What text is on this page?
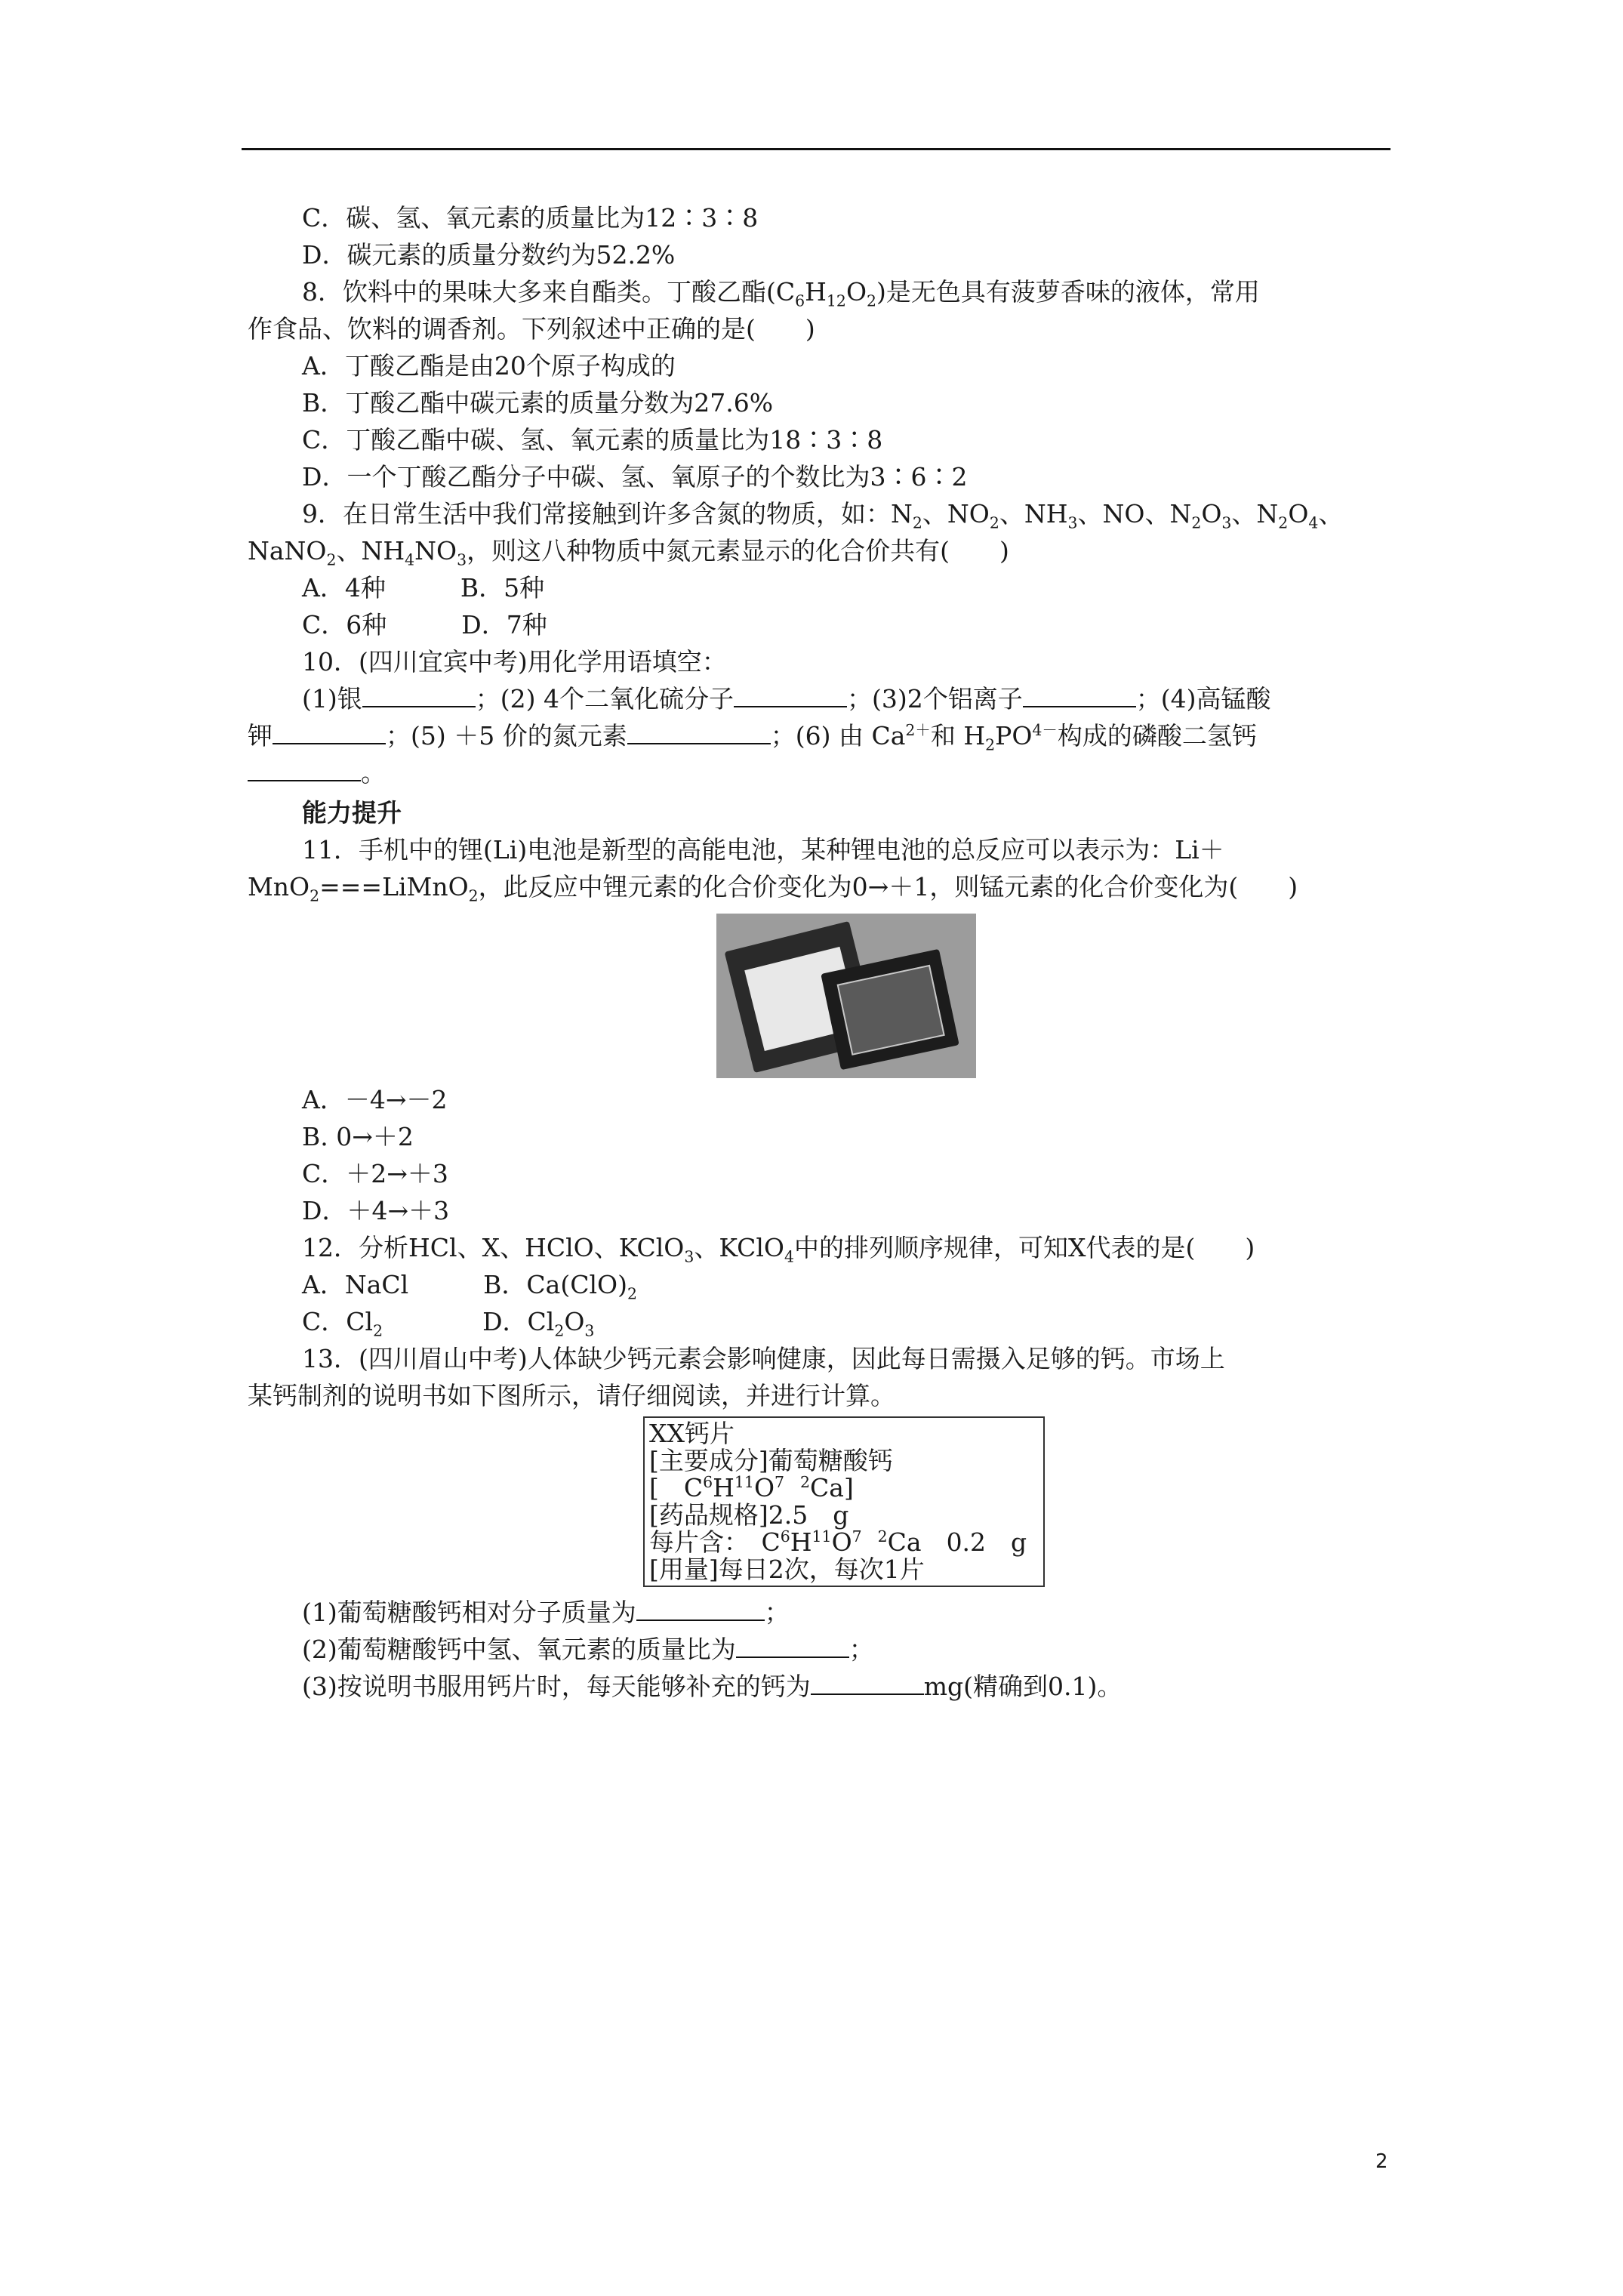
C．碳、氢、氧元素的质量比为12∶3∶8
D．碳元素的质量分数约为52.2%
8．饮料中的果味大多来自酯类。丁酸乙酯$(C_6H_{12}O_2)$是无色具有菠萝香味的液体，常用
作食品、饮料的调香剂。下列叙述中正确的是(　　)
A．丁酸乙酯是由20个原子构成的
B．丁酸乙酯中碳元素的质量分数为27.6%
C．丁酸乙酯中碳、氢、氧元素的质量比为18∶3∶8
D．一个丁酸乙酯分子中碳、氢、氧原子的个数比为3∶6∶2
9．在日常生活中我们常接触到许多含氮的物质，如：$N_2$、$NO_2$、$NH_3$、NO、$N_2O_3$、$N_2O_4$、
NaNO$_2$、$NH_4NO_3$，则这八种物质中氮元素显示的化合价共有(　　)
A．4种　　　B．5种
C．6种　　　D．7种
10．(四川宜宾中考)用化学用语填空：
(1)银	；(2) 4个二氧化硫分子	；(3)2个铝离子	；(4)高锰酸
钾	；(5) ＋5 价的氮元素	；(6) 由 $Ca^{2+}$和 $H_2PO^{4-}$构成的磷酸二氢钙
。
能力提升
11．手机中的锂(Li)电池是新型的高能电池，某种锂电池的总反应可以表示为：Li＋
MnO$_2$===LiMnO$_2$，此反应中锂元素的化合价变化为0→＋1，则锰元素的化合价变化为(　　)
A．－4→－2
B. 0→＋2
C．＋2→＋3
D．＋4→＋3
12．分析HCl、X、HClO、KClO$_3$、KClO$_4$中的排列顺序规律，可知X代表的是(　　)
A．NaCl　　　B．$Ca(ClO)_2$
C．$Cl_2$　　　　D．$Cl_2O_3$
13．(四川眉山中考)人体缺少钙元素会影响健康，因此每日需摄入足够的钙。市场上
某钙制剂的说明书如下图所示，请仔细阅读，并进行计算。
XX钙片
[主要成分]葡萄糖酸钙
[　$C^6H^{11}O^7$ $^2$Ca]
[药品规格]2.5　g
每片含：　$C^6H^{11}O^7$ $^2$Ca　0.2　g
[用量]每日2次，每次1片
(1)葡萄糖酸钙相对分子质量为	；
(2)葡萄糖酸钙中氢、氧元素的质量比为	；
(3)按说明书服用钙片时，每天能够补充的钙为	mg(精确到0.1)。
2
